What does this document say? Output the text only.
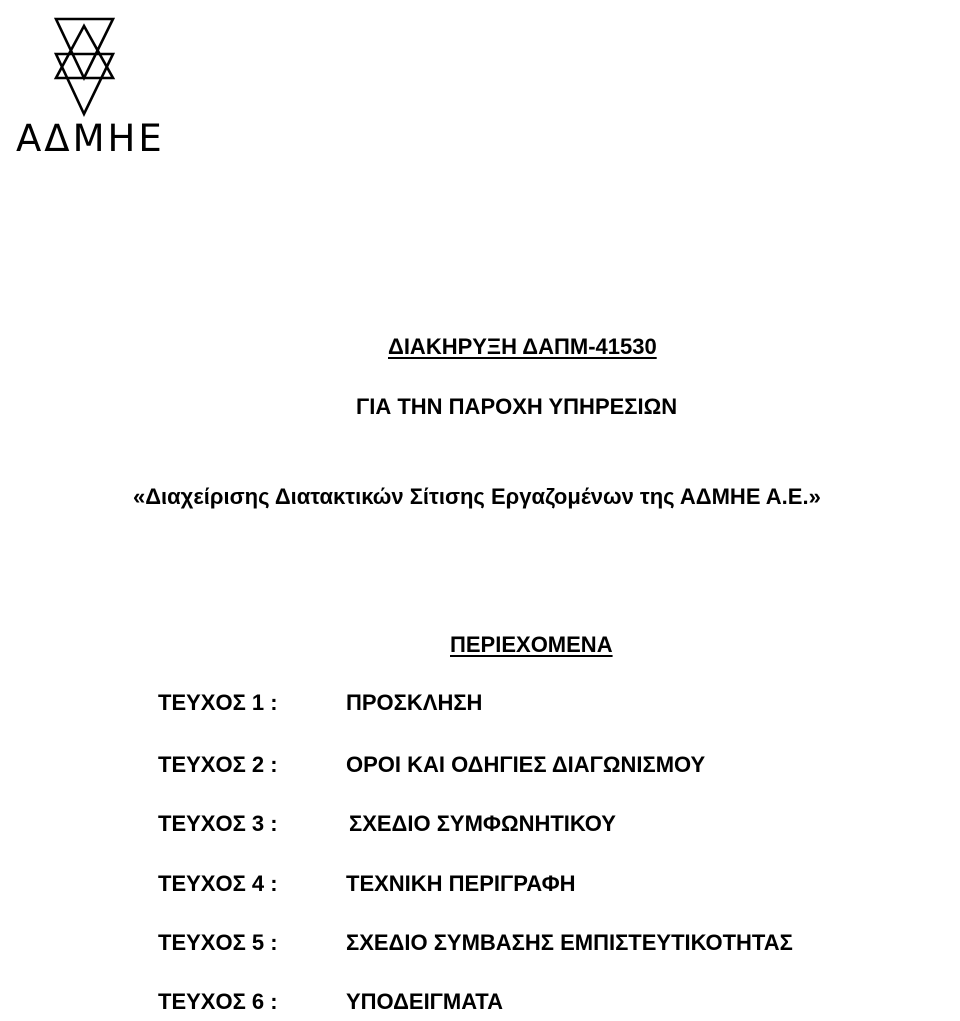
ΑΔΜΗΕ
ΔΙΑΚΗΡΥΞΗ ΔΑΠΜ-41530
ΓΙΑ ΤΗΝ ΠΑΡΟΧΗ ΥΠΗΡΕΣΙΩΝ
«Διαχείρισης Διατακτικών Σίτισης Εργαζομένων της ΑΔΜΗΕ Α.Ε.»
ΠΕΡΙΕΧΟΜΕΝΑ
ΤΕΥΧΟΣ 1 :	ΠΡΟΣΚΛΗΣΗ
ΤΕΥΧΟΣ 2 :	ΟΡΟΙ ΚΑΙ ΟΔΗΓΙΕΣ ΔΙΑΓΩΝΙΣΜΟΥ
ΤΕΥΧΟΣ 3 :	ΣΧΕΔΙΟ ΣΥΜΦΩΝΗΤΙΚΟΥ
ΤΕΥΧΟΣ 4 :	ΤΕΧΝΙΚΗ ΠΕΡΙΓΡΑΦΗ
ΤΕΥΧΟΣ 5 :	ΣΧΕΔΙΟ ΣΥΜΒΑΣΗΣ ΕΜΠΙΣΤΕΥΤΙΚΟΤΗΤΑΣ
ΤΕΥΧΟΣ 6 :	ΥΠΟΔΕΙΓΜΑΤΑ
